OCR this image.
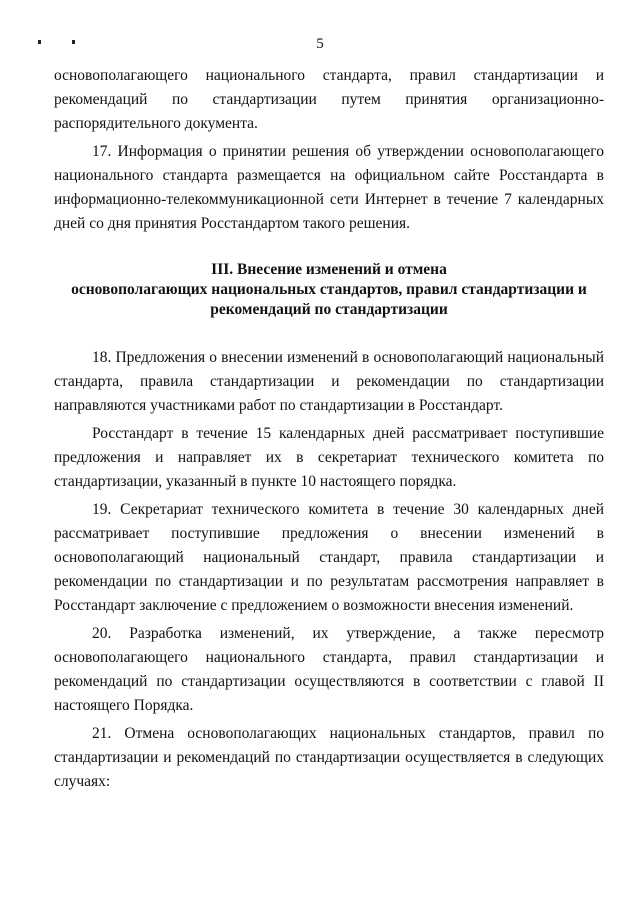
5

основополагающего национального стандарта, правил стандартизации и рекомендаций по стандартизации путем принятия организационно-распорядительного документа.

17. Информация о принятии решения об утверждении основополагающего национального стандарта размещается на официальном сайте Росстандарта в информационно-телекоммуникационной сети Интернет в течение 7 календарных дней со дня принятия Росстандартом такого решения.

III. Внесение изменений и отмена
основополагающих национальных стандартов, правил стандартизации и
рекомендаций по стандартизации

18. Предложения о внесении изменений в основополагающий национальный стандарта, правила стандартизации и рекомендации по стандартизации направляются участниками работ по стандартизации в Росстандарт.

Росстандарт в течение 15 календарных дней рассматривает поступившие предложения и направляет их в секретариат технического комитета по стандартизации, указанный в пункте 10 настоящего порядка.

19. Секретариат технического комитета в течение 30 календарных дней рассматривает поступившие предложения о внесении изменений в основополагающий национальный стандарт, правила стандартизации и рекомендации по стандартизации и по результатам рассмотрения направляет в Росстандарт заключение с предложением о возможности внесения изменений.

20. Разработка изменений, их утверждение, а также пересмотр основополагающего национального стандарта, правил стандартизации и рекомендаций по стандартизации осуществляются в соответствии с главой II настоящего Порядка.

21. Отмена основополагающих национальных стандартов, правил по стандартизации и рекомендаций по стандартизации осуществляется в следующих случаях:
